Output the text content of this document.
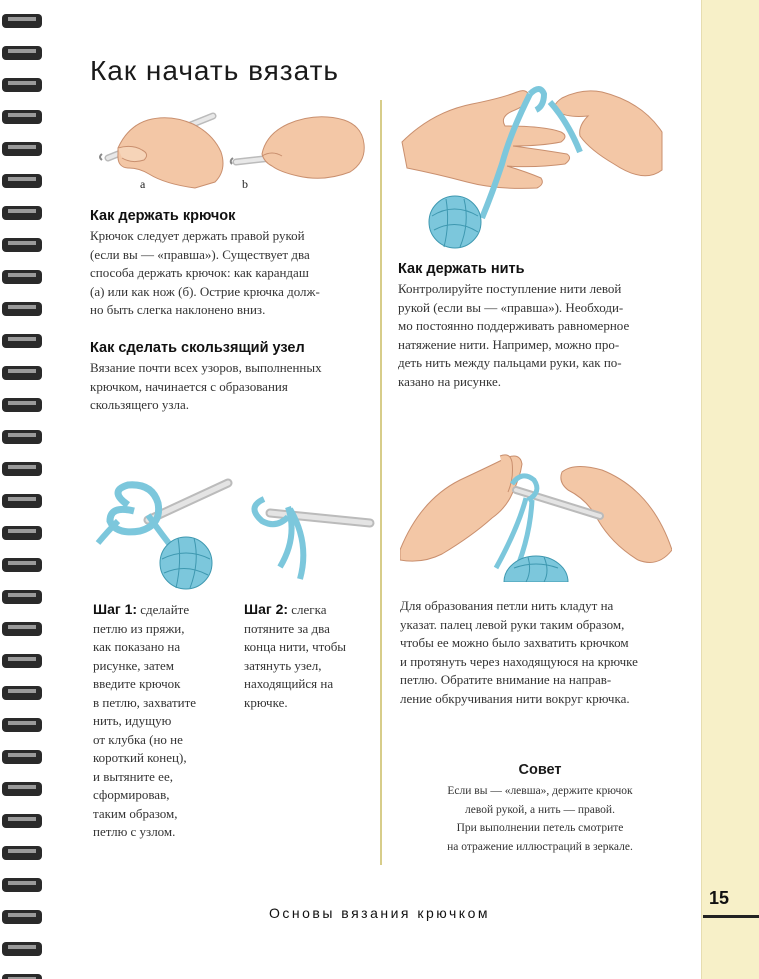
Как начать вязать
a	b
Как держать крючок
Крючок следует держать правой рукой
(если вы — «правша»). Существует два
способа держать крючок: как карандаш
(а) или как нож (б). Острие крючка долж-
но быть слегка наклонено вниз.
Как сделать скользящий узел
Вязание почти всех узоров, выполненных
крючком, начинается с образования
скользящего узла.
Как держать нить
Контролируйте поступление нити левой
рукой (если вы — «правша»). Необходи-
мо постоянно поддерживать равномерное
натяжение нити. Например, можно про-
деть нить между пальцами руки, как по-
казано на рисунке.
Шаг 1: сделайте
петлю из пряжи,
как показано на
рисунке, затем
введите крючок
в петлю, захватите
нить, идущую
от клубка (но не
короткий конец),
и вытяните ее,
сформировав,
таким образом,
петлю с узлом.
Шаг 2: слегка
потяните за два
конца нити, чтобы
затянуть узел,
находящийся на
крючке.
Для образования петли нить кладут на
указат. палец левой руки таким образом,
чтобы ее можно было захватить крючком
и протянуть через находящуюся на крючке
петлю. Обратите внимание на направ-
ление обкручивания нити вокруг крючка.
Совет
Если вы — «левша», держите крючок
левой рукой, а нить — правой.
При выполнении петель смотрите
на отражение иллюстраций в зеркале.
15

Основы вязания крючком
